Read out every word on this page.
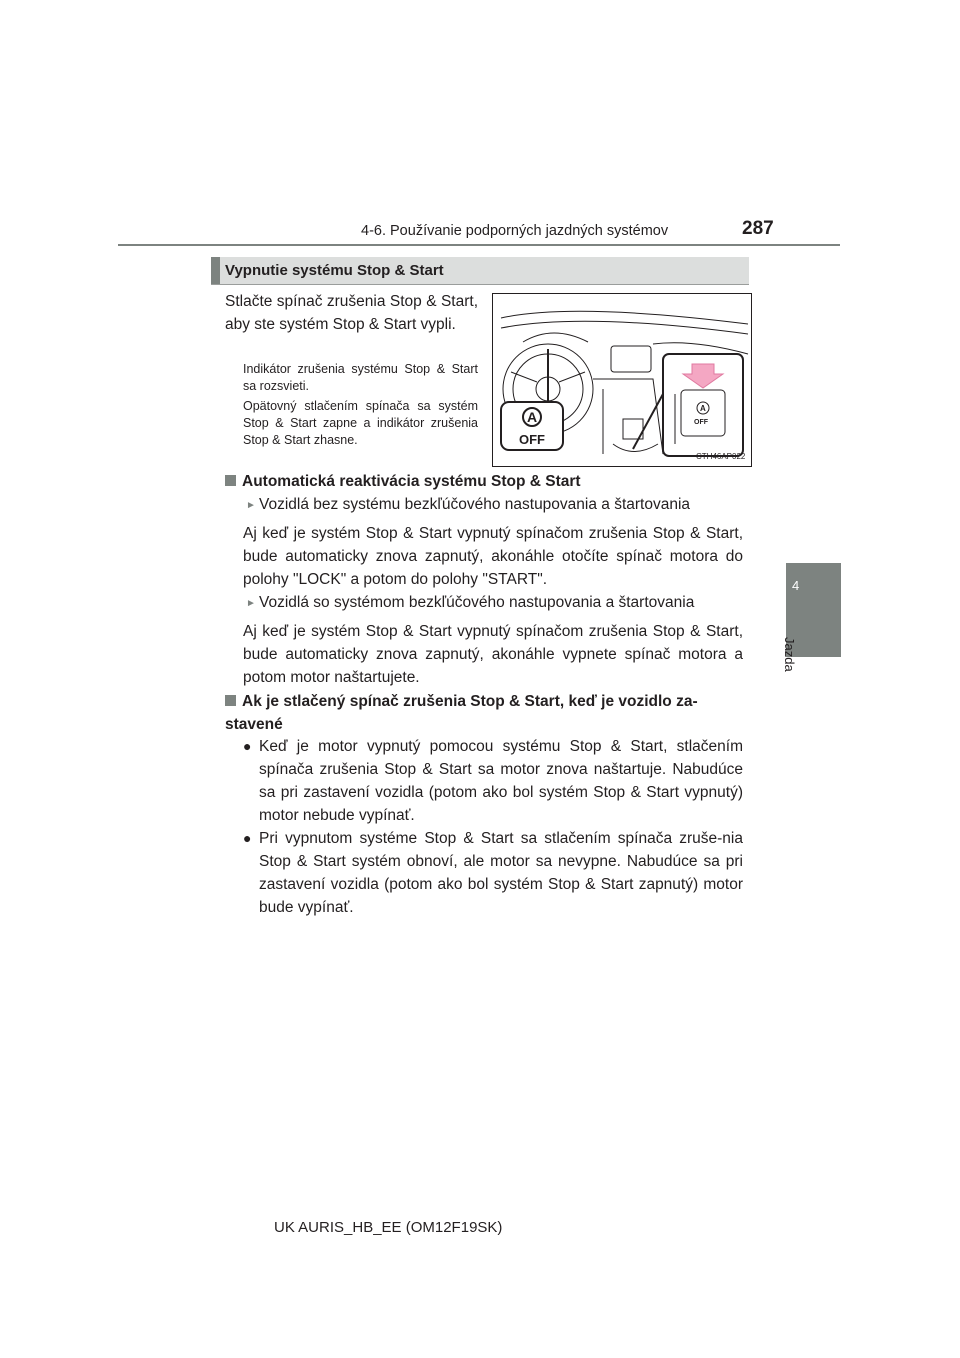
4-6. Používanie podporných jazdných systémov	287
4
Jazda
Vypnutie systému Stop & Start
Stlačte spínač zrušenia Stop & Start, aby ste systém Stop & Start vypli.
Indikátor zrušenia systému Stop & Start sa rozsvieti.
Opätovný stlačením spínača sa systém Stop & Start zapne a indikátor zrušenia Stop & Start zhasne.
A
OFF
A
OFF
CTH46AP022
Automatická reaktivácia systému Stop & Start
► Vozidlá bez systému bezkľúčového nastupovania a štartovania
Aj keď je systém Stop & Start vypnutý spínačom zrušenia Stop & Start, bude automaticky znova zapnutý, akonáhle otočíte spínač motora do polohy "LOCK" a potom do polohy "START".
► Vozidlá so systémom bezkľúčového nastupovania a štartovania
Aj keď je systém Stop & Start vypnutý spínačom zrušenia Stop & Start, bude automaticky znova zapnutý, akonáhle vypnete spínač motora a potom motor naštartujete.
Ak je stlačený spínač zrušenia Stop & Start, keď je vozidlo za-stavené
● Keď je motor vypnutý pomocou systému Stop & Start, stlačením spínača zrušenia Stop & Start sa motor znova naštartuje. Nabudúce sa pri zastavení vozidla (potom ako bol systém Stop & Start vypnutý) motor nebude vypínať.
● Pri vypnutom systéme Stop & Start sa stlačením spínača zruše-nia Stop & Start systém obnoví, ale motor sa nevypne. Nabudúce sa pri zastavení vozidla (potom ako bol systém Stop & Start zapnutý) motor bude vypínať.
UK AURIS_HB_EE (OM12F19SK)
